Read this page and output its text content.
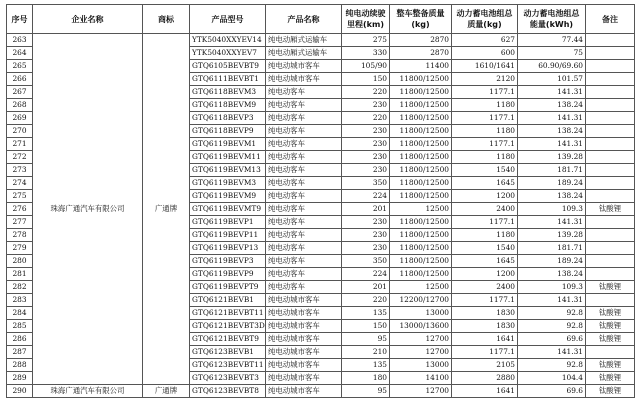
序号	企业名称	商标	产品型号	产品名称	纯电动续驶里程(km)	整车整备质量(kg)	动力蓄电池组总质量(kg)	动力蓄电池组总能量(kWh)	备注
263	珠海广通汽车有限公司	广通牌	YTK5040XXYEV14	纯电动厢式运输车	275	2870	627	77.44	
264			YTK5040XXYEV7	纯电动厢式运输车	330	2870	600	75	
265			GTQ6105BEVBT9	纯电动城市客车	105/90	11400	1610/1641	60.90/69.60	
266			GTQ6111BEVBT1	纯电动城市客车	150	11800/12500	2120	101.57	
267			GTQ6118BEVM3	纯电动客车	220	11800/12500	1177.1	141.31	
268			GTQ6118BEVM9	纯电动客车	230	11800/12500	1180	138.24	
269			GTQ6118BEVP3	纯电动客车	220	11800/12500	1177.1	141.31	
270			GTQ6118BEVP9	纯电动客车	230	11800/12500	1180	138.24	
271			GTQ6119BEVM1	纯电动客车	230	11800/12500	1177.1	141.31	
272			GTQ6119BEVM11	纯电动客车	230	11800/12500	1180	139.28	
273			GTQ6119BEVM13	纯电动客车	230	11800/12500	1540	181.71	
274			GTQ6119BEVM3	纯电动客车	350	11800/12500	1645	189.24	
275			GTQ6119BEVM9	纯电动客车	224	11800/12500	1200	138.24	
276			GTQ6119BEVMT9	纯电动客车	201	12500	2400	109.3	钛酸锂
277			GTQ6119BEVP1	纯电动客车	230	11800/12500	1177.1	141.31	
278			GTQ6119BEVP11	纯电动客车	230	11800/12500	1180	139.28	
279			GTQ6119BEVP13	纯电动客车	230	11800/12500	1540	181.71	
280			GTQ6119BEVP3	纯电动客车	350	11800/12500	1645	189.24	
281			GTQ6119BEVP9	纯电动客车	224	11800/12500	1200	138.24	
282			GTQ6119BEVPT9	纯电动客车	201	12500	2400	109.3	钛酸锂
283			GTQ6121BEVB1	纯电动城市客车	220	12200/12700	1177.1	141.31	
284			GTQ6121BEVBT11	纯电动城市客车	135	13000	1830	92.8	钛酸锂
285			GTQ6121BEVBT3D	纯电动城市客车	150	13000/13600	1830	92.8	钛酸锂
286			GTQ6121BEVBT9	纯电动城市客车	95	12700	1641	69.6	钛酸锂
287			GTQ6123BEVB1	纯电动城市客车	210	12700	1177.1	141.31	
288			GTQ6123BEVBT11	纯电动城市客车	135	13000	2105	92.8	钛酸锂
289			GTQ6123BEVBT3	纯电动城市客车	180	14100	2880	104.4	钛酸锂
290	珠海广通汽车有限公司	广通牌	GTQ6123BEVBT8	纯电动城市客车	95	12700	1641	69.6	钛酸锂
